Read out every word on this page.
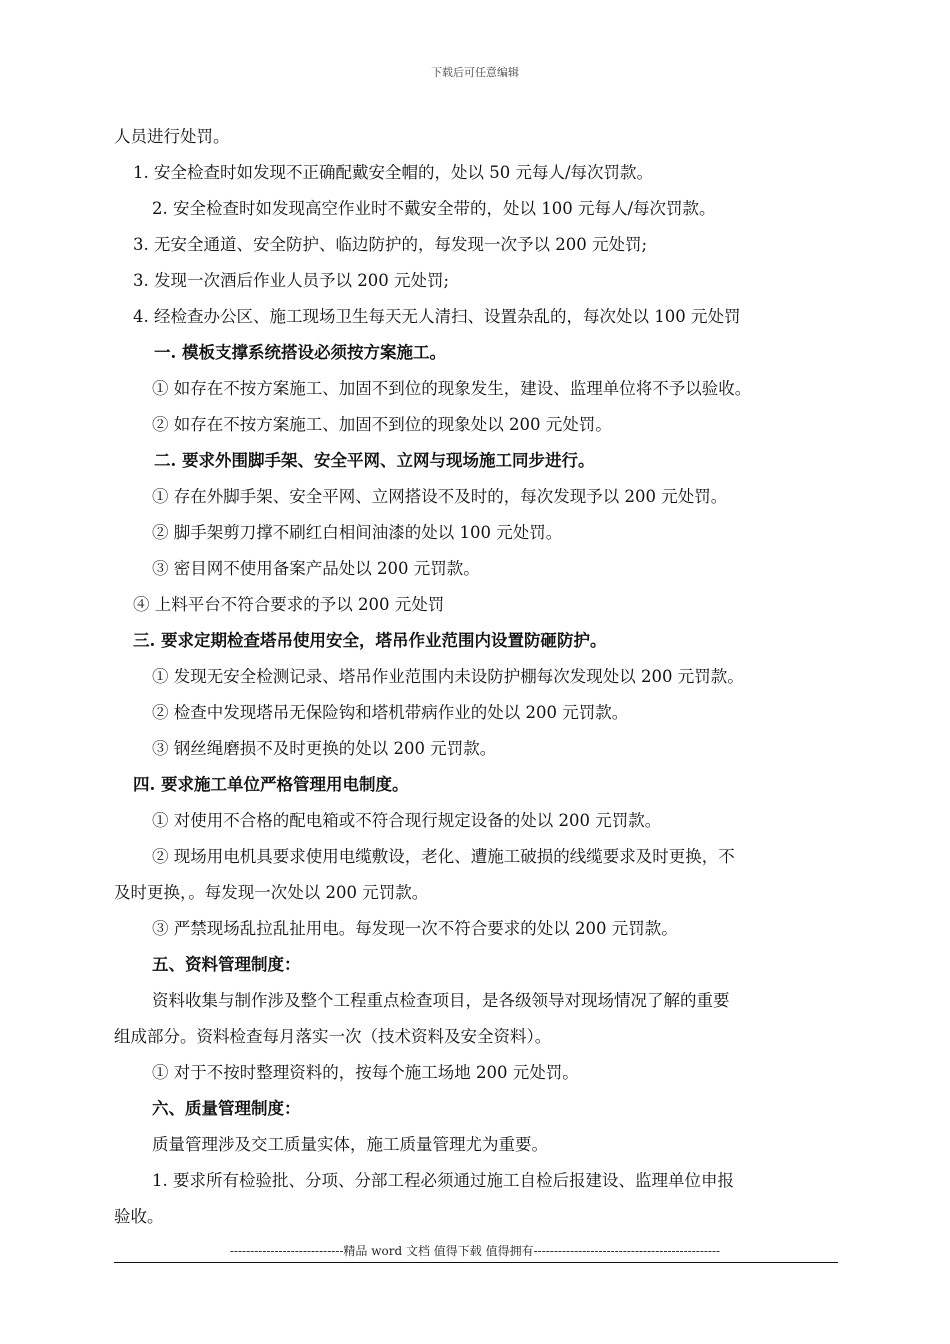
下载后可任意编辑
人员进行处罚。
1. 安全检查时如发现不正确配戴安全帽的，处以 50 元每人/每次罚款。
2. 安全检查时如发现高空作业时不戴安全带的，处以 100 元每人/每次罚款。
3. 无安全通道、安全防护、临边防护的，每发现一次予以 200 元处罚;
3. 发现一次酒后作业人员予以 200 元处罚;
4. 经检查办公区、施工现场卫生每天无人清扫、设置杂乱的，每次处以 100 元处罚
一. 模板支撑系统搭设必须按方案施工。
① 如存在不按方案施工、加固不到位的现象发生，建设、监理单位将不予以验收。
② 如存在不按方案施工、加固不到位的现象处以 200 元处罚。
二. 要求外围脚手架、安全平网、立网与现场施工同步进行。
① 存在外脚手架、安全平网、立网搭设不及时的，每次发现予以 200 元处罚。
② 脚手架剪刀撑不刷红白相间油漆的处以 100 元处罚。
③ 密目网不使用备案产品处以 200 元罚款。
④ 上料平台不符合要求的予以 200 元处罚
三. 要求定期检查塔吊使用安全，塔吊作业范围内设置防砸防护。
① 发现无安全检测记录、塔吊作业范围内未设防护棚每次发现处以 200 元罚款。
② 检查中发现塔吊无保险钩和塔机带病作业的处以 200 元罚款。
③ 钢丝绳磨损不及时更换的处以 200 元罚款。
四. 要求施工单位严格管理用电制度。
① 对使用不合格的配电箱或不符合现行规定设备的处以 200 元罚款。
② 现场用电机具要求使用电缆敷设，老化、遭施工破损的线缆要求及时更换，不
及时更换，。每发现一次处以 200 元罚款。
③ 严禁现场乱拉乱扯用电。每发现一次不符合要求的处以 200 元罚款。
五、资料管理制度：
资料收集与制作涉及整个工程重点检查项目，是各级领导对现场情况了解的重要
组成部分。资料检查每月落实一次（技术资料及安全资料）。
① 对于不按时整理资料的，按每个施工场地 200 元处罚。
六、质量管理制度：
质量管理涉及交工质量实体，施工质量管理尤为重要。
1. 要求所有检验批、分项、分部工程必须通过施工自检后报建设、监理单位申报
验收。
----------------------------精品 word 文档 值得下载 值得拥有----------------------------------------------
